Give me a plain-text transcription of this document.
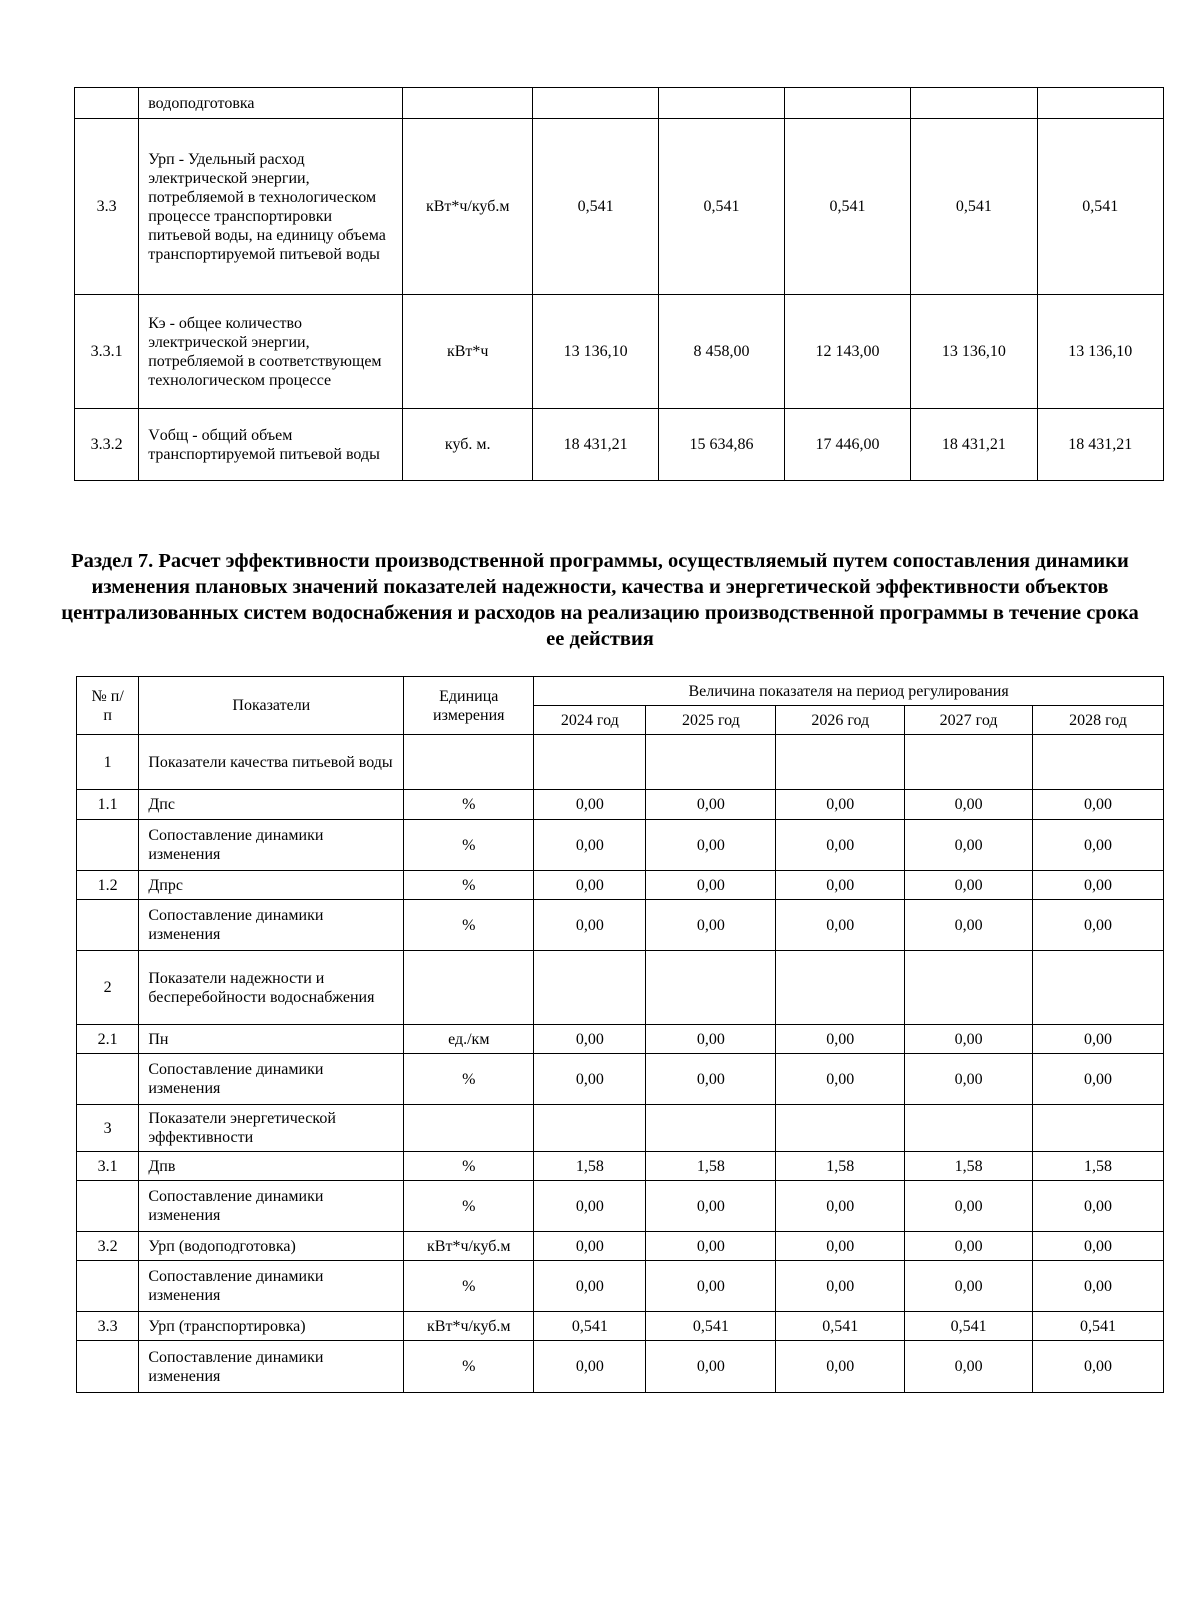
	водоподготовка						
3.3	Урп - Удельный расход электрической энергии, потребляемой в технологическом процессе транспортировки питьевой воды, на единицу объема транспортируемой питьевой воды	кВт*ч/куб.м	0,541	0,541	0,541	0,541	0,541
3.3.1	Кэ - общее количество электрической энергии, потребляемой в соответствующем технологическом процессе	кВт*ч	13 136,10	8 458,00	12 143,00	13 136,10	13 136,10
3.3.2	Vобщ - общий объем транспортируемой питьевой воды	куб. м.	18 431,21	15 634,86	17 446,00	18 431,21	18 431,21
Раздел 7. Расчет эффективности производственной программы, осуществляемый путем сопоставления динамики изменения плановых значений показателей надежности, качества и энергетической эффективности объектов централизованных систем водоснабжения и расходов на реализацию производственной программы в течение срока ее действия
№ п/п	Показатели	Единица измерения	Величина показателя на период регулирования				
			2024 год	2025 год	2026 год	2027 год	2028 год
1	Показатели качества питьевой воды						
1.1	Дпс	%	0,00	0,00	0,00	0,00	0,00
	Сопоставление динамики изменения	%	0,00	0,00	0,00	0,00	0,00
1.2	Дпрс	%	0,00	0,00	0,00	0,00	0,00
	Сопоставление динамики изменения	%	0,00	0,00	0,00	0,00	0,00
2	Показатели надежности и бесперебойности водоснабжения						
2.1	Пн	ед./км	0,00	0,00	0,00	0,00	0,00
	Сопоставление динамики изменения	%	0,00	0,00	0,00	0,00	0,00
3	Показатели энергетической эффективности						
3.1	Дпв	%	1,58	1,58	1,58	1,58	1,58
	Сопоставление динамики изменения	%	0,00	0,00	0,00	0,00	0,00
3.2	Урп (водоподготовка)	кВт*ч/куб.м	0,00	0,00	0,00	0,00	0,00
	Сопоставление динамики изменения	%	0,00	0,00	0,00	0,00	0,00
3.3	Урп (транспортировка)	кВт*ч/куб.м	0,541	0,541	0,541	0,541	0,541
	Сопоставление динамики изменения	%	0,00	0,00	0,00	0,00	0,00
